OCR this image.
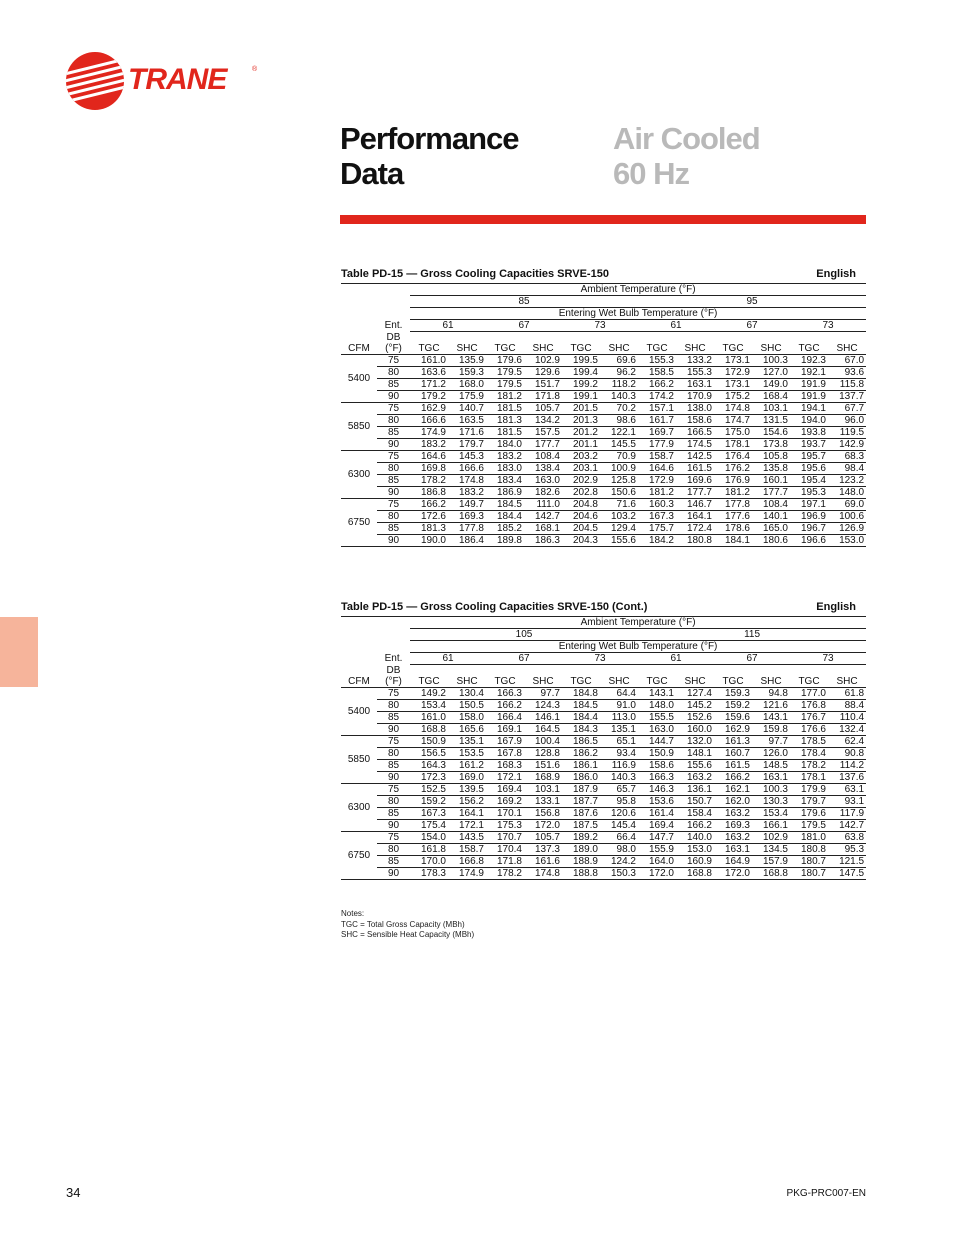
TRANE	®
Performance
Data
Air Cooled
60 Hz
Table PD-15 — Gross Cooling Capacities SRVE-150	English
		Ambient Temperature (°F)											
		85						95					
		Entering Wet Bulb Temperature (°F)											
	Ent.	61		67		73		61		67		73	
	DB												
CFM	(°F)	TGC	SHC	TGC	SHC	TGC	SHC	TGC	SHC	TGC	SHC	TGC	SHC
5400	75	161.0	135.9	179.6	102.9	199.5	69.6	155.3	133.2	173.1	100.3	192.3	67.0
	80	163.6	159.3	179.5	129.6	199.4	96.2	158.5	155.3	172.9	127.0	192.1	93.6
	85	171.2	168.0	179.5	151.7	199.2	118.2	166.2	163.1	173.1	149.0	191.9	115.8
	90	179.2	175.9	181.2	171.8	199.1	140.3	174.2	170.9	175.2	168.4	191.9	137.7
5850	75	162.9	140.7	181.5	105.7	201.5	70.2	157.1	138.0	174.8	103.1	194.1	67.7
	80	166.6	163.5	181.3	134.2	201.3	98.6	161.7	158.6	174.7	131.5	194.0	96.0
	85	174.9	171.6	181.5	157.5	201.2	122.1	169.7	166.5	175.0	154.6	193.8	119.5
	90	183.2	179.7	184.0	177.7	201.1	145.5	177.9	174.5	178.1	173.8	193.7	142.9
6300	75	164.6	145.3	183.2	108.4	203.2	70.9	158.7	142.5	176.4	105.8	195.7	68.3
	80	169.8	166.6	183.0	138.4	203.1	100.9	164.6	161.5	176.2	135.8	195.6	98.4
	85	178.2	174.8	183.4	163.0	202.9	125.8	172.9	169.6	176.9	160.1	195.4	123.2
	90	186.8	183.2	186.9	182.6	202.8	150.6	181.2	177.7	181.2	177.7	195.3	148.0
6750	75	166.2	149.7	184.5	111.0	204.8	71.6	160.3	146.7	177.8	108.4	197.1	69.0
	80	172.6	169.3	184.4	142.7	204.6	103.2	167.3	164.1	177.6	140.1	196.9	100.6
	85	181.3	177.8	185.2	168.1	204.5	129.4	175.7	172.4	178.6	165.0	196.7	126.9
	90	190.0	186.4	189.8	186.3	204.3	155.6	184.2	180.8	184.1	180.6	196.6	153.0
Table PD-15 — Gross Cooling Capacities SRVE-150 (Cont.)	English
		Ambient Temperature (°F)											
		105						115					
		Entering Wet Bulb Temperature (°F)											
	Ent.	61		67		73		61		67		73	
	DB												
CFM	(°F)	TGC	SHC	TGC	SHC	TGC	SHC	TGC	SHC	TGC	SHC	TGC	SHC
5400	75	149.2	130.4	166.3	97.7	184.8	64.4	143.1	127.4	159.3	94.8	177.0	61.8
	80	153.4	150.5	166.2	124.3	184.5	91.0	148.0	145.2	159.2	121.6	176.8	88.4
	85	161.0	158.0	166.4	146.1	184.4	113.0	155.5	152.6	159.6	143.1	176.7	110.4
	90	168.8	165.6	169.1	164.5	184.3	135.1	163.0	160.0	162.9	159.8	176.6	132.4
5850	75	150.9	135.1	167.9	100.4	186.5	65.1	144.7	132.0	161.3	97.7	178.5	62.4
	80	156.5	153.5	167.8	128.8	186.2	93.4	150.9	148.1	160.7	126.0	178.4	90.8
	85	164.3	161.2	168.3	151.6	186.1	116.9	158.6	155.6	161.5	148.5	178.2	114.2
	90	172.3	169.0	172.1	168.9	186.0	140.3	166.3	163.2	166.2	163.1	178.1	137.6
6300	75	152.5	139.5	169.4	103.1	187.9	65.7	146.3	136.1	162.1	100.3	179.9	63.1
	80	159.2	156.2	169.2	133.1	187.7	95.8	153.6	150.7	162.0	130.3	179.7	93.1
	85	167.3	164.1	170.1	156.8	187.6	120.6	161.4	158.4	163.2	153.4	179.6	117.9
	90	175.4	172.1	175.3	172.0	187.5	145.4	169.4	166.2	169.3	166.1	179.5	142.7
6750	75	154.0	143.5	170.7	105.7	189.2	66.4	147.7	140.0	163.2	102.9	181.0	63.8
	80	161.8	158.7	170.4	137.3	189.0	98.0	155.9	153.0	163.1	134.5	180.8	95.3
	85	170.0	166.8	171.8	161.6	188.9	124.2	164.0	160.9	164.9	157.9	180.7	121.5
	90	178.3	174.9	178.2	174.8	188.8	150.3	172.0	168.8	172.0	168.8	180.7	147.5
Notes:
TGC = Total Gross Capacity (MBh)
SHC = Sensible Heat Capacity (MBh)
34	PKG-PRC007-EN
